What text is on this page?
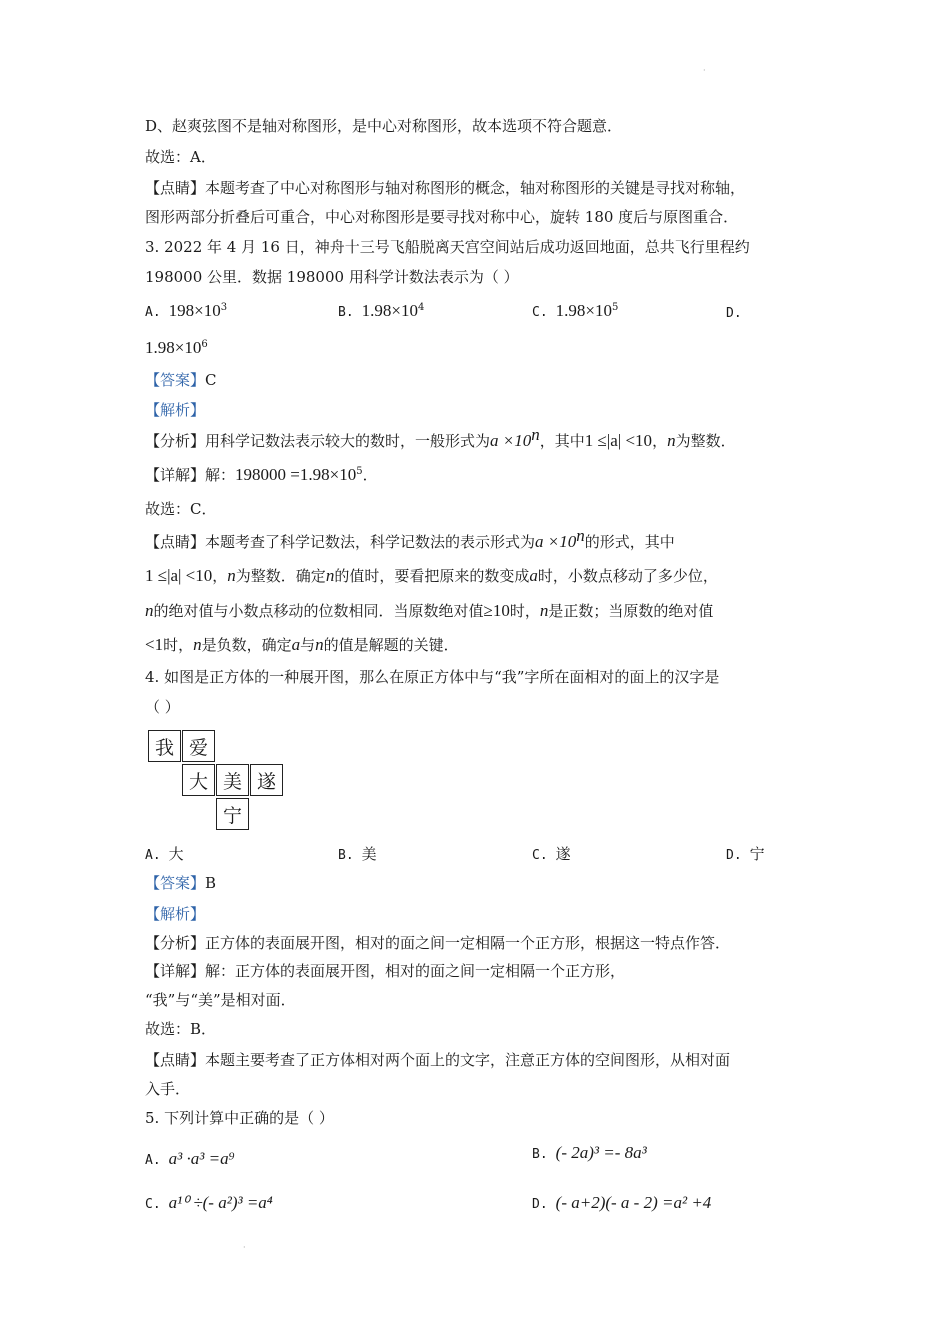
·
D、赵爽弦图不是轴对称图形，是中心对称图形，故本选项不符合题意．
故选：A．
【点睛】本题考查了中心对称图形与轴对称图形的概念，轴对称图形的关键是寻找对称轴，
图形两部分折叠后可重合，中心对称图形是要寻找对称中心，旋转 180 度后与原图重合．
3. 2022 年 4 月 16 日，神舟十三号飞船脱离天宫空间站后成功返回地面，总共飞行里程约
198000 公里．数据 198000 用科学计数法表示为（ ）
A. $198\times 10^3$	B. $1.98\times 10^4$	C. $1.98\times 10^5$	D.
$1.98\times 10^6$
【答案】C
【解析】
【分析】用科学记数法表示较大的数时，一般形式为$a \times 10^n$，其中1 ≤|a| <10，n为整数．
【详解】解：$198000 =1.98\times 10^5$．
故选：C．
【点睛】本题考查了科学记数法，科学记数法的表示形式为$a \times 10^n$的形式，其中
1 ≤|a| <10，n为整数．确定n的值时，要看把原来的数变成a时，小数点移动了多少位，
n的绝对值与小数点移动的位数相同．当原数绝对值≥10时，n是正数；当原数的绝对值
<1时，n是负数，确定a与n的值是解题的关键．
4. 如图是正方体的一种展开图，那么在原正方体中与“我”字所在面相对的面上的汉字是
（ ）
我 爱
大 美 遂
宁
A. 大	B. 美	C. 遂	D. 宁
【答案】B
【解析】
【分析】正方体的表面展开图，相对的面之间一定相隔一个正方形，根据这一特点作答．
【详解】解：正方体的表面展开图，相对的面之间一定相隔一个正方形，
“我”与“美”是相对面．
故选：B．
【点睛】本题主要考查了正方体相对两个面上的文字，注意正方体的空间图形，从相对面
入手．
5. 下列计算中正确的是（ ）
A. a³ ·a³ =a⁹	B. (- 2a)³ =- 8a³
C. a¹⁰ ÷(- a²)³ =a⁴	D. (- a+2)(- a - 2) =a² +4
·
